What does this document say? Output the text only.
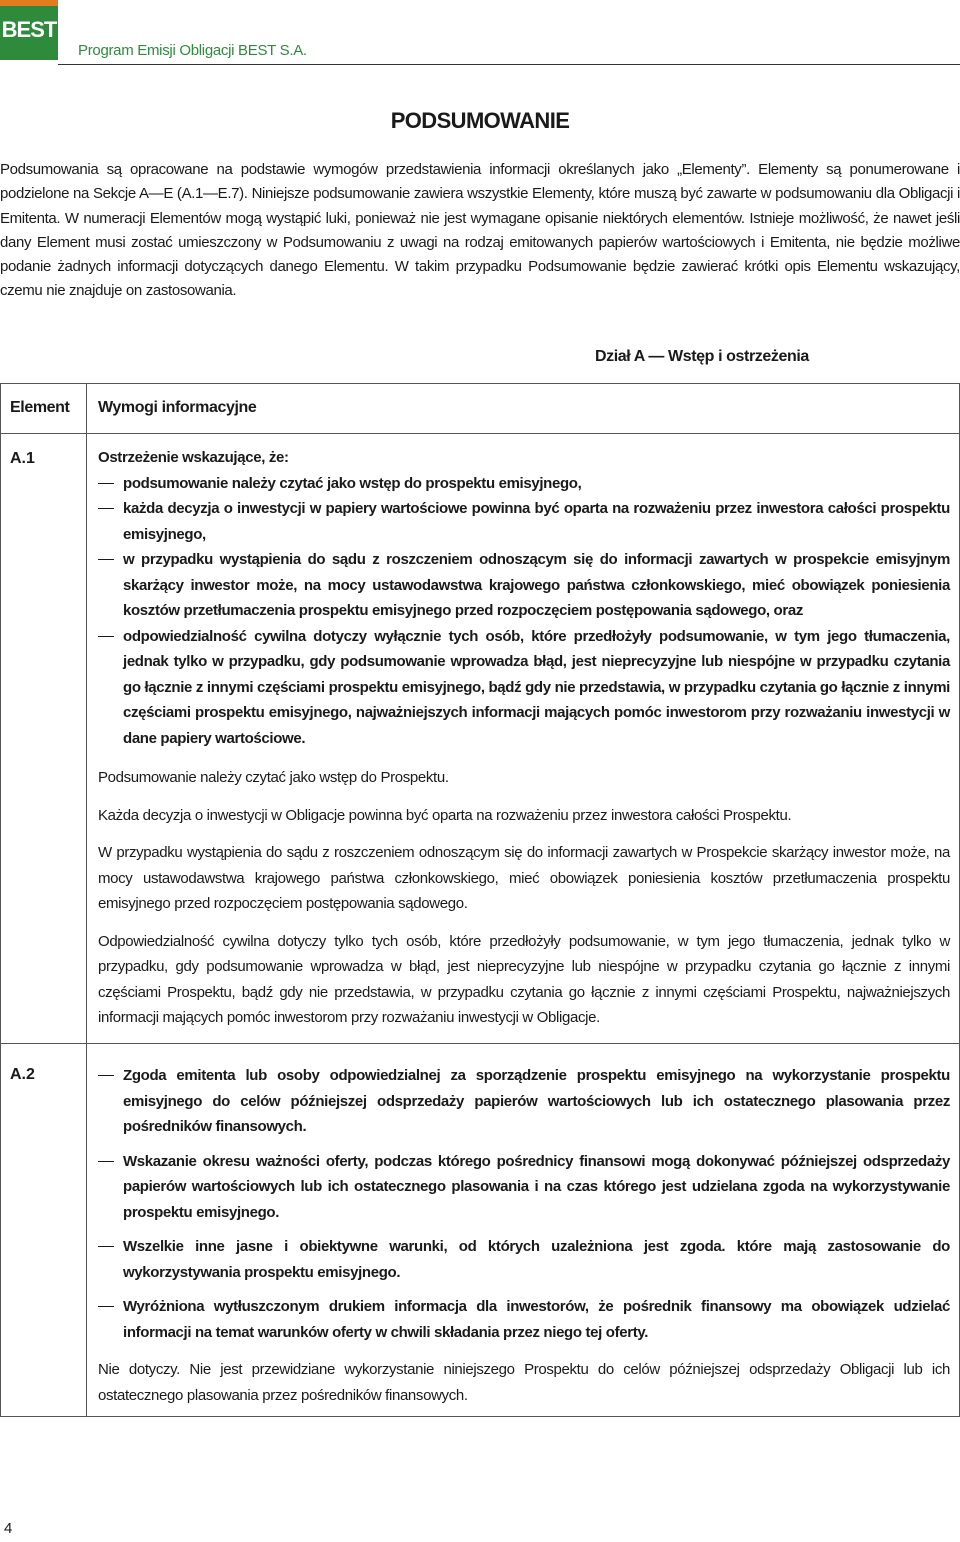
BEST
Program Emisji Obligacji BEST S.A.
PODSUMOWANIE

Podsumowania są opracowane na podstawie wymogów przedstawienia informacji określanych jako „Elementy”. Elementy są ponumerowane i podzielone na Sekcje A—E (A.1—E.7). Niniejsze podsumowanie zawiera wszystkie Elementy, które muszą być zawarte w podsumowaniu dla Obligacji i Emitenta. W numeracji Elementów mogą wystąpić luki, ponieważ nie jest wymagane opisanie niektórych elementów. Istnieje możliwość, że nawet jeśli dany Element musi zostać umieszczony w Podsumowaniu z uwagi na rodzaj emitowanych papierów wartościowych i Emitenta, nie będzie możliwe podanie żadnych informacji dotyczących danego Elementu. W takim przypadku Podsumowanie będzie zawierać krótki opis Elementu wskazujący, czemu nie znajduje on zastosowania.

Dział A — Wstęp i ostrzeżenia
Element Wymogi informacyjne
A.1	Ostrzeżenie wskazujące, że:
podsumowanie należy czytać jako wstęp do prospektu emisyjnego,
każda decyzja o inwestycji w papiery wartościowe powinna być oparta na rozważeniu przez inwestora całości prospektu emisyjnego,
w przypadku wystąpienia do sądu z roszczeniem odnoszącym się do informacji zawartych w prospekcie emisyjnym skarżący inwestor może, na mocy ustawodawstwa krajowego państwa członkowskiego, mieć obowiązek poniesienia kosztów przetłumaczenia prospektu emisyjnego przed rozpoczęciem postępowania sądowego, oraz
odpowiedzialność cywilna dotyczy wyłącznie tych osób, które przedłożyły podsumowanie, w tym jego tłumaczenia, jednak tylko w przypadku, gdy podsumowanie wprowadza błąd, jest nieprecyzyjne lub niespójne w przypadku czytania go łącznie z innymi częściami prospektu emisyjnego, bądź gdy nie przedstawia, w przypadku czytania go łącznie z innymi częściami prospektu emisyjnego, najważniejszych informacji mających pomóc inwestorom przy rozważaniu inwestycji w dane papiery wartościowe.

Podsumowanie należy czytać jako wstęp do Prospektu.

Każda decyzja o inwestycji w Obligacje powinna być oparta na rozważeniu przez inwestora całości Prospektu.

W przypadku wystąpienia do sądu z roszczeniem odnoszącym się do informacji zawartych w Prospekcie skarżący inwestor może, na mocy ustawodawstwa krajowego państwa członkowskiego, mieć obowiązek poniesienia kosztów przetłumaczenia prospektu emisyjnego przed rozpoczęciem postępowania sądowego.

Odpowiedzialność cywilna dotyczy tylko tych osób, które przedłożyły podsumowanie, w tym jego tłumaczenia, jednak tylko w przypadku, gdy podsumowanie wprowadza w błąd, jest nieprecyzyjne lub niespójne w przypadku czytania go łącznie z innymi częściami Prospektu, bądź gdy nie przedstawia, w przypadku czytania go łącznie z innymi częściami Prospektu, najważniejszych informacji mających pomóc inwestorom przy rozważaniu inwestycji w Obligacje.

A.2	Zgoda emitenta lub osoby odpowiedzialnej za sporządzenie prospektu emisyjnego na wykorzystanie prospektu emisyjnego do celów późniejszej odsprzedaży papierów wartościowych lub ich ostatecznego plasowania przez pośredników finansowych.
Wskazanie okresu ważności oferty, podczas którego pośrednicy finansowi mogą dokonywać późniejszej odsprzedaży papierów wartościowych lub ich ostatecznego plasowania i na czas którego jest udzielana zgoda na wykorzystywanie prospektu emisyjnego.
Wszelkie inne jasne i obiektywne warunki, od których uzależniona jest zgoda. które mają zastosowanie do wykorzystywania prospektu emisyjnego.
Wyróżniona wytłuszczonym drukiem informacja dla inwestorów, że pośrednik finansowy ma obowiązek udzielać informacji na temat warunków oferty w chwili składania przez niego tej oferty.

Nie dotyczy. Nie jest przewidziane wykorzystanie niniejszego Prospektu do celów późniejszej odsprzedaży Obligacji lub ich ostatecznego plasowania przez pośredników finansowych.

4
